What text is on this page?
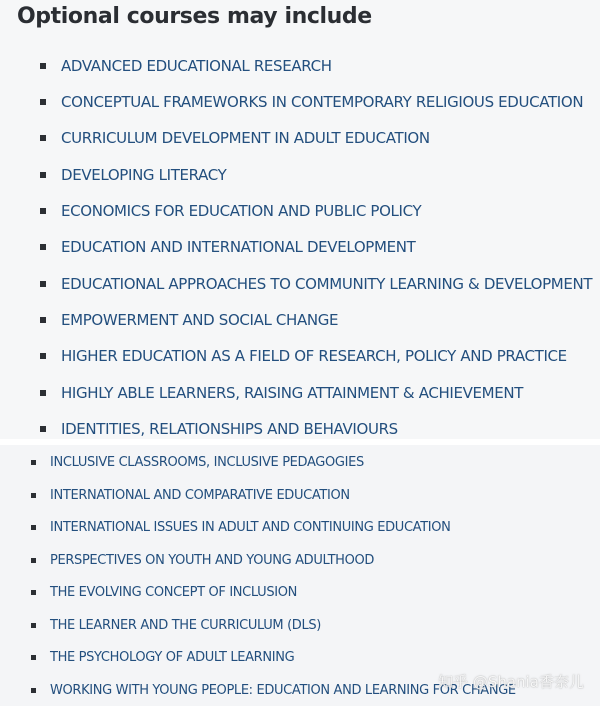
Optional courses may include
ADVANCED EDUCATIONAL RESEARCH
CONCEPTUAL FRAMEWORKS IN CONTEMPORARY RELIGIOUS EDUCATION
CURRICULUM DEVELOPMENT IN ADULT EDUCATION
DEVELOPING LITERACY
ECONOMICS FOR EDUCATION AND PUBLIC POLICY
EDUCATION AND INTERNATIONAL DEVELOPMENT
EDUCATIONAL APPROACHES TO COMMUNITY LEARNING & DEVELOPMENT
EMPOWERMENT AND SOCIAL CHANGE
HIGHER EDUCATION AS A FIELD OF RESEARCH, POLICY AND PRACTICE
HIGHLY ABLE LEARNERS, RAISING ATTAINMENT & ACHIEVEMENT
IDENTITIES, RELATIONSHIPS AND BEHAVIOURS
INCLUSIVE CLASSROOMS, INCLUSIVE PEDAGOGIES
INTERNATIONAL AND COMPARATIVE EDUCATION
INTERNATIONAL ISSUES IN ADULT AND CONTINUING EDUCATION
PERSPECTIVES ON YOUTH AND YOUNG ADULTHOOD
THE EVOLVING CONCEPT OF INCLUSION
THE LEARNER AND THE CURRICULUM (DLS)
THE PSYCHOLOGY OF ADULT LEARNING
WORKING WITH YOUNG PEOPLE: EDUCATION AND LEARNING FOR CHANGE
知乎 @Shania香奈儿
